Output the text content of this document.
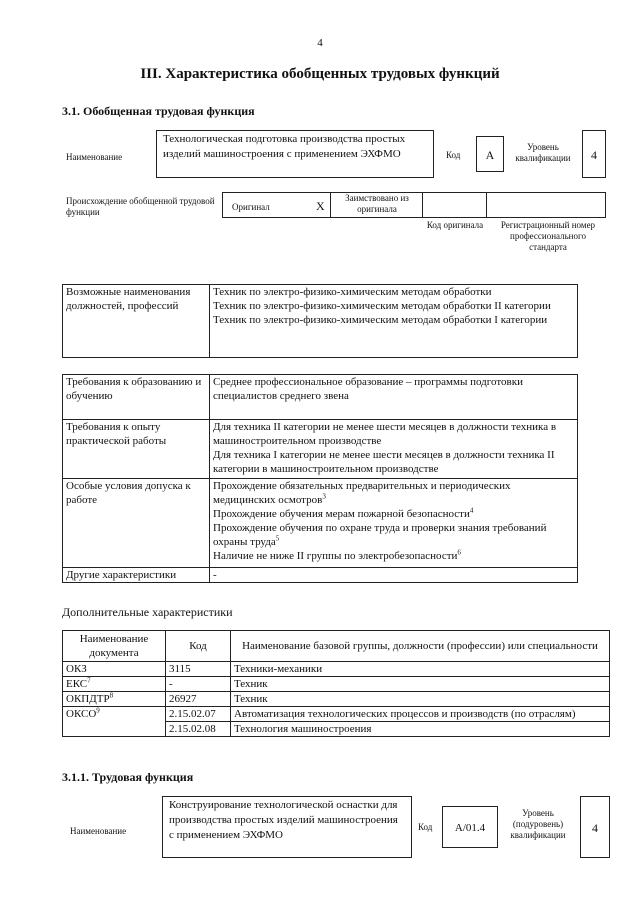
4
III. Характеристика обобщенных трудовых функций
3.1. Обобщенная трудовая функция
Наименование
Технологическая подготовка производства простых изделий машиностроения с применением ЭХФМО	Код	A
Уровень квалификации	4
Происхождение обобщенной трудовой функции	Оригинал	X
Заимствовано из оригинала
Код оригинала	Регистрационный номер профессионального стандарта
Возможные наименования должностей, профессий	
Техник по электро-физико-химическим методам обработки
Техник по электро-физико-химическим методам обработки II категории
Техник по электро-физико-химическим методам обработки I категории
Требования к образованию и обучению	Среднее профессиональное образование – программы подготовки специалистов среднего звена
Требования к опыту практической работы	Для техника II категории не менее шести месяцев в должности техника в машиностроительном производстве
Для техника I категории не менее шести месяцев в должности техника II категории в машиностроительном производстве

Особые условия допуска к работе	Прохождение обязательных предварительных и периодических медицинских осмотров$^3$
Прохождение обучения мерам пожарной безопасности$^4$
Прохождение обучения по охране труда и проверки знания требований охраны труда$^5$
Наличие не ниже II группы по электробезопасности$^6$

Другие характеристики	-
Дополнительные характеристики
Наименование документа	Код	Наименование базовой группы, должности (профессии) или специальности
ОКЗ	3115	Техники-механики
ЕКС$^7$	-	Техник
ОКПДТР$^8$	26927	Техник
ОКСО$^9$	2.15.02.07	Автоматизация технологических процессов и производств (по отраслям)
	2.15.02.08	Технология машиностроения
3.1.1. Трудовая функция
Наименование
Конструирование технологической оснастки для производства простых изделий машиностроения с применением ЭХФМО
Код	A/01.4
Уровень (подуровень) квалификации	4
